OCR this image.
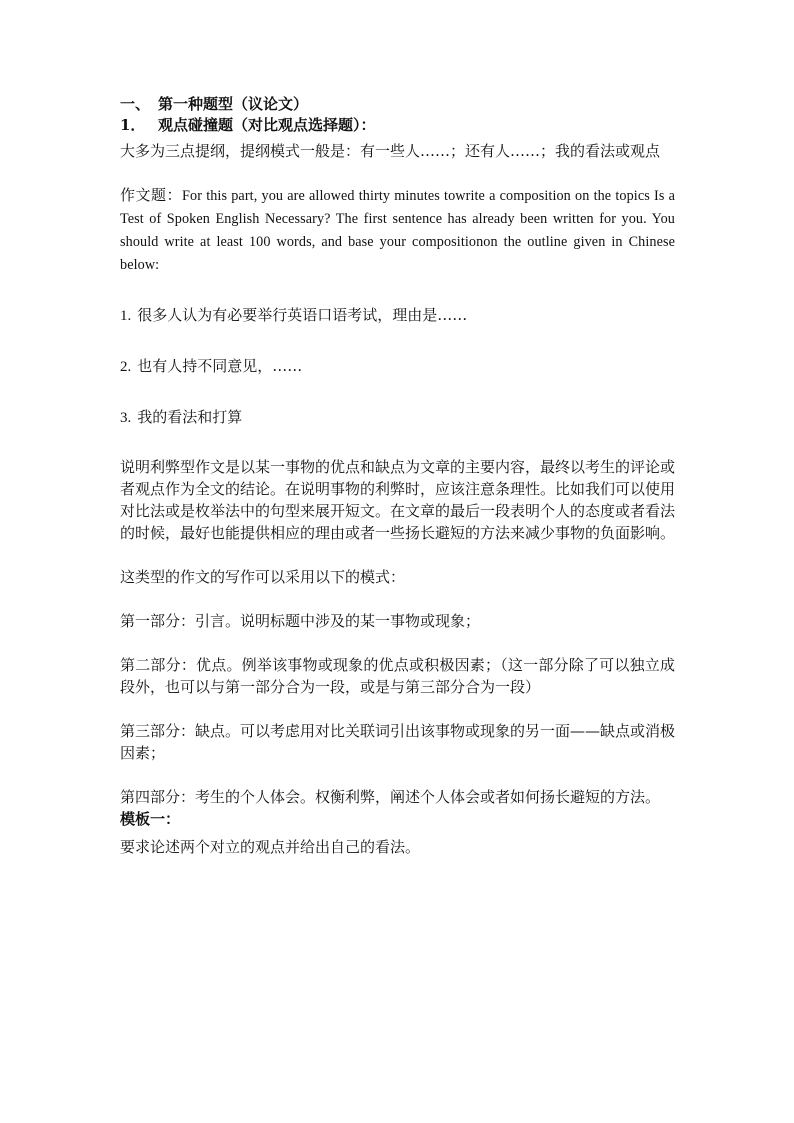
一、 第一种题型（议论文）

1． 观点碰撞题（对比观点选择题）：

大多为三点提纲，提纲模式一般是：有一些人……；还有人……；我的看法或观点

作文题：For this part, you are allowed thirty minutes towrite a composition on the topics Is a Test of Spoken English Necessary? The first sentence has already been written for you. You should write at least 100 words, and base your compositionon the outline given in Chinese below:

1. 很多人认为有必要举行英语口语考试，理由是……

2. 也有人持不同意见，……

3. 我的看法和打算

说明利弊型作文是以某一事物的优点和缺点为文章的主要内容，最终以考生的评论或者观点作为全文的结论。在说明事物的利弊时，应该注意条理性。比如我们可以使用对比法或是枚举法中的句型来展开短文。在文章的最后一段表明个人的态度或者看法的时候，最好也能提供相应的理由或者一些扬长避短的方法来减少事物的负面影响。

这类型的作文的写作可以采用以下的模式：

第一部分：引言。说明标题中涉及的某一事物或现象；

第二部分：优点。例举该事物或现象的优点或积极因素；（这一部分除了可以独立成段外，也可以与第一部分合为一段，或是与第三部分合为一段）

第三部分：缺点。可以考虑用对比关联词引出该事物或现象的另一面——缺点或消极因素；

第四部分：考生的个人体会。权衡利弊，阐述个人体会或者如何扬长避短的方法。

模板一：

要求论述两个对立的观点并给出自己的看法。
